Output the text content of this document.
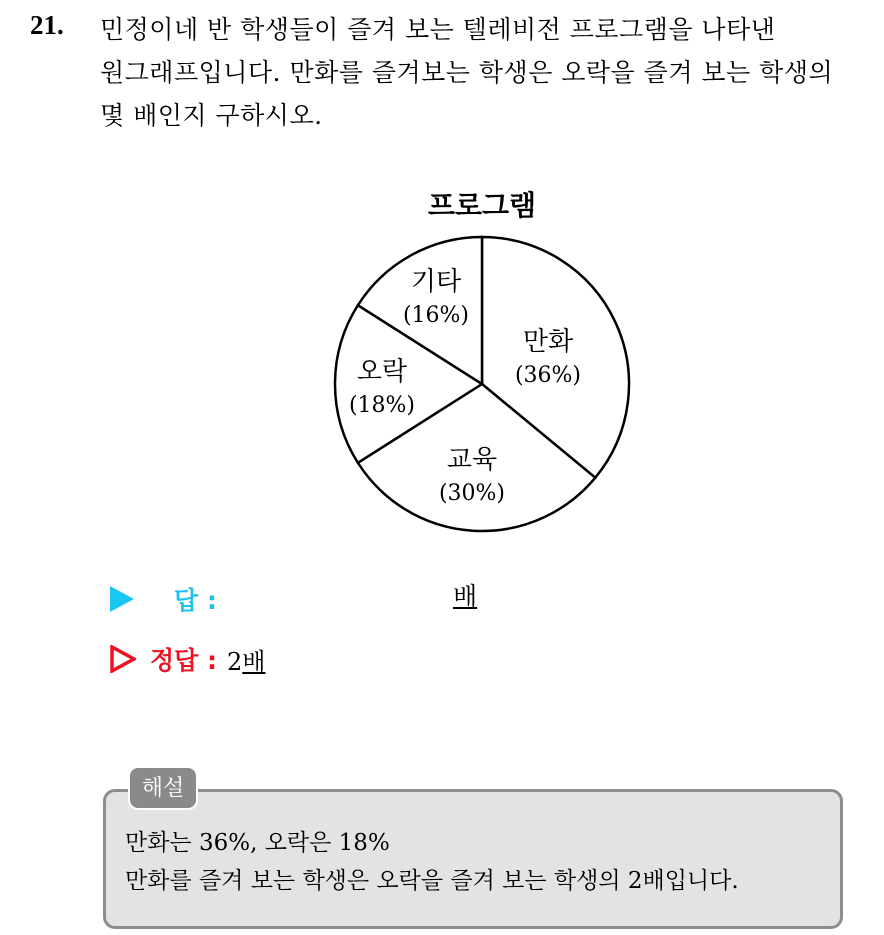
21. 민정이네 반 학생들이 즐겨 보는 텔레비전 프로그램을 나타낸
원그래프입니다. 만화를 즐겨보는 학생은 오락을 즐겨 보는 학생의
몇 배인지 구하시오.
프로그램
만화
(36%)
교육
(30%)
오락
(18%)
기타
(16%)
답 :	배
정답 : 2배
해설
만화는 36%, 오락은 18%
만화를 즐겨 보는 학생은 오락을 즐겨 보는 학생의 2배입니다.
